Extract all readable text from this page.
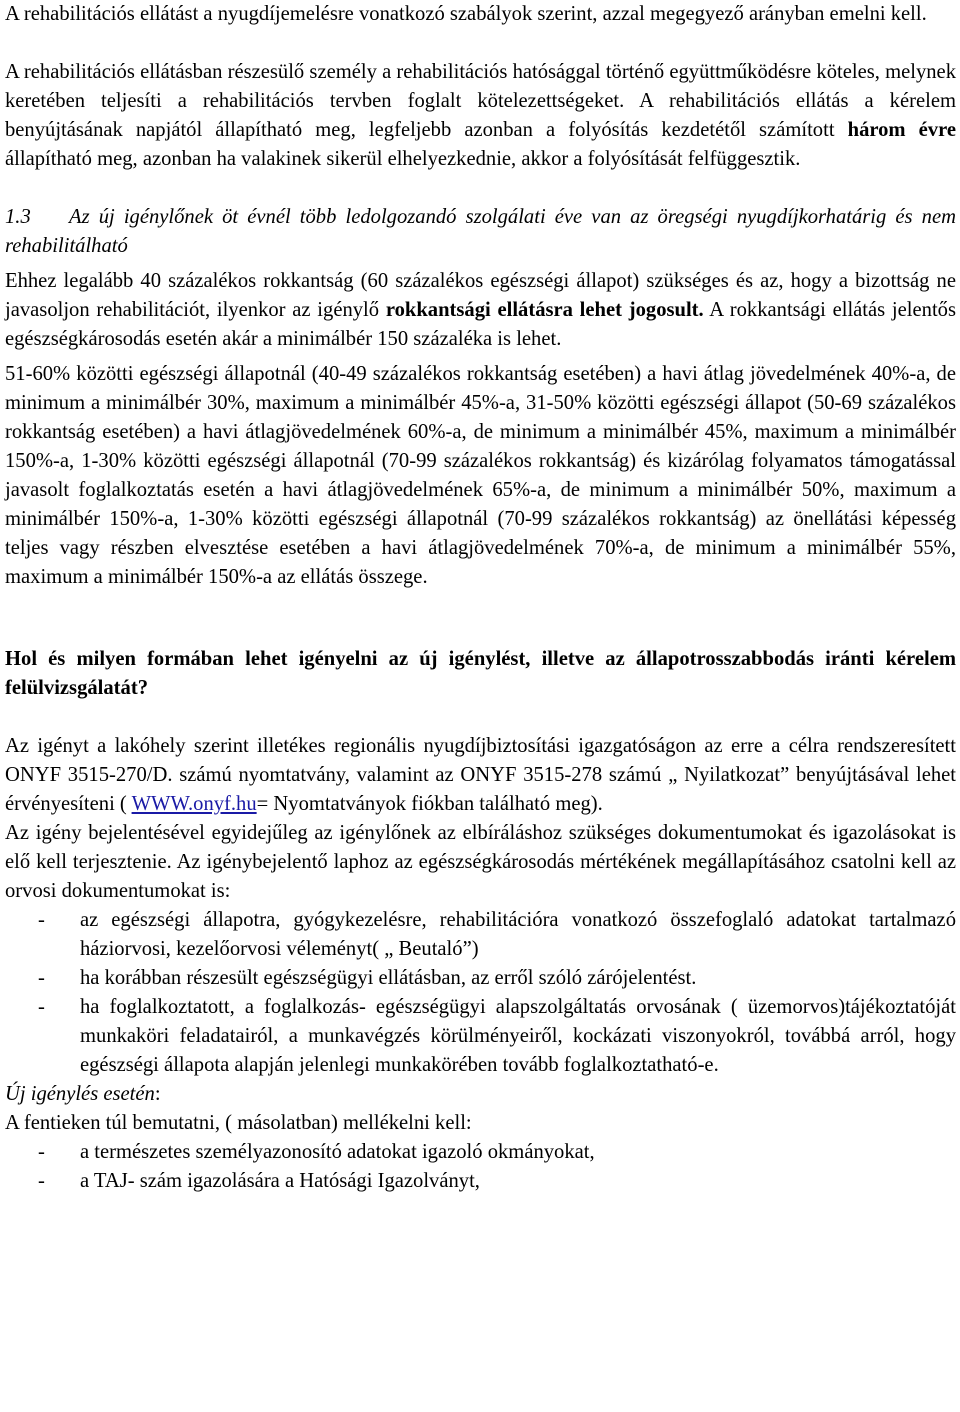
A rehabilitációs ellátást a nyugdíjemelésre vonatkozó szabályok szerint, azzal megegyező arányban emelni kell.

A rehabilitációs ellátásban részesülő személy a rehabilitációs hatósággal történő együttműködésre köteles, melynek keretében teljesíti a rehabilitációs tervben foglalt kötelezettségeket. A rehabilitációs ellátás a kérelem benyújtásának napjától állapítható meg, legfeljebb azonban a folyósítás kezdetétől számított három évre állapítható meg, azonban ha valakinek sikerül elhelyezkednie, akkor a folyósítását felfüggesztik.

1.3 Az új igénylőnek öt évnél több ledolgozandó szolgálati éve van az öregségi nyugdíjkorhatárig és nem rehabilitálható

Ehhez legalább 40 százalékos rokkantság (60 százalékos egészségi állapot) szükséges és az, hogy a bizottság ne javasoljon rehabilitációt, ilyenkor az igénylő rokkantsági ellátásra lehet jogosult. A rokkantsági ellátás jelentős egészségkárosodás esetén akár a minimálbér 150 százaléka is lehet.

51-60% közötti egészségi állapotnál (40-49 százalékos rokkantság esetében) a havi átlag jövedelmének 40%-a, de minimum a minimálbér 30%, maximum a minimálbér 45%-a, 31-50% közötti egészségi állapot (50-69 százalékos rokkantság esetében) a havi átlagjövedelmének 60%-a, de minimum a minimálbér 45%, maximum a minimálbér 150%-a, 1-30% közötti egészségi állapotnál (70-99 százalékos rokkantság) és kizárólag folyamatos támogatással javasolt foglalkoztatás esetén a havi átlagjövedelmének 65%-a, de minimum a minimálbér 50%, maximum a minimálbér 150%-a, 1-30% közötti egészségi állapotnál (70-99 százalékos rokkantság) az önellátási képesség teljes vagy részben elvesztése esetében a havi átlagjövedelmének 70%-a, de minimum a minimálbér 55%, maximum a minimálbér 150%-a az ellátás összege.

Hol és milyen formában lehet igényelni az új igénylést, illetve az állapotrosszabbodás iránti kérelem felülvizsgálatát?

Az igényt a lakóhely szerint illetékes regionális nyugdíjbiztosítási igazgatóságon az erre a célra rendszeresített ONYF 3515-270/D. számú nyomtatvány, valamint az ONYF 3515-278 számú „ Nyilatkozat” benyújtásával lehet érvényesíteni ( WWW.onyf.hu= Nyomtatványok fiókban található meg).

Az igény bejelentésével egyidejűleg az igénylőnek az elbíráláshoz szükséges dokumentumokat és igazolásokat is elő kell terjesztenie. Az igénybejelentő laphoz az egészségkárosodás mértékének megállapításához csatolni kell az orvosi dokumentumokat is:

- az egészségi állapotra, gyógykezelésre, rehabilitációra vonatkozó összefoglaló adatokat tartalmazó háziorvosi, kezelőorvosi véleményt( „ Beutaló”)
- ha korábban részesült egészségügyi ellátásban, az erről szóló zárójelentést.
- ha foglalkoztatott, a foglalkozás- egészségügyi alapszolgáltatás orvosának ( üzemorvos)tájékoztatóját munkaköri feladatairól, a munkavégzés körülményeiről, kockázati viszonyokról, továbbá arról, hogy egészségi állapota alapján jelenlegi munkakörében tovább foglalkoztatható-e.

Új igénylés esetén:

A fentieken túl bemutatni, ( másolatban) mellékelni kell:

- a természetes személyazonosító adatokat igazoló okmányokat,
- a TAJ- szám igazolására a Hatósági Igazolványt,
